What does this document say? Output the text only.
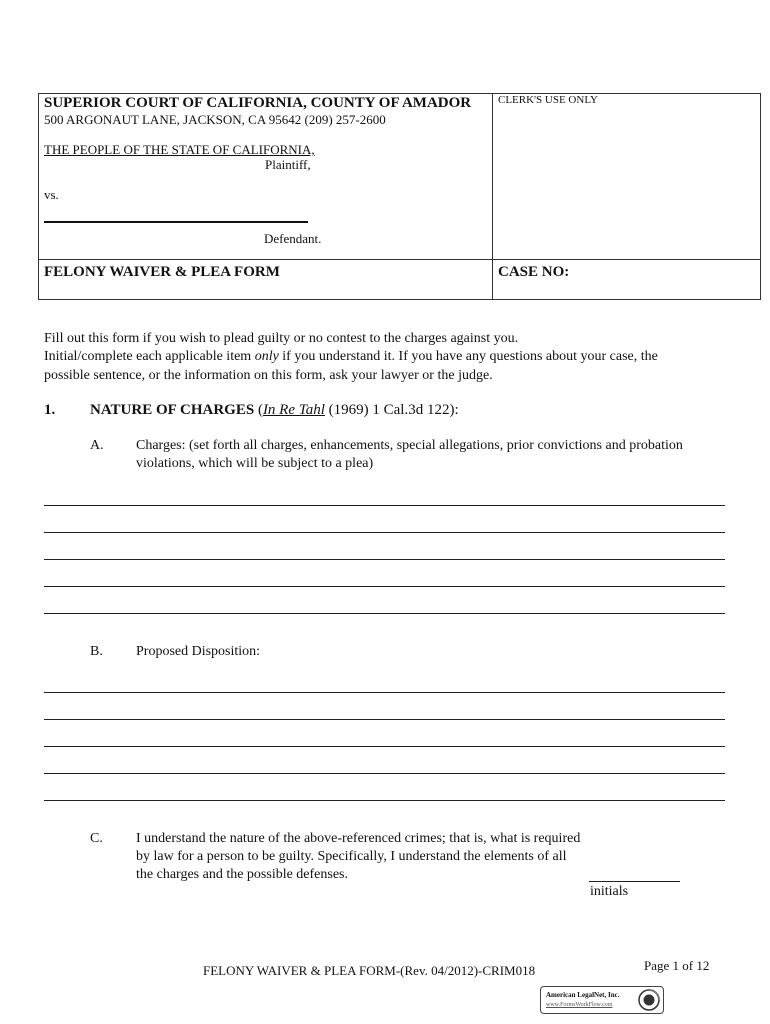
SUPERIOR COURT OF CALIFORNIA, COUNTY OF AMADOR
500 ARGONAUT LANE, JACKSON, CA 95642 (209) 257-2600
CLERK'S USE ONLY
THE PEOPLE OF THE STATE OF CALIFORNIA,
Plaintiff,
vs.
Defendant.
FELONY WAIVER & PLEA FORM	CASE NO:
Fill out this form if you wish to plead guilty or no contest to the charges against you.
Initial/complete each applicable item only if you understand it. If you have any questions about your case, the
possible sentence, or the information on this form, ask your lawyer or the judge.
1. NATURE OF CHARGES (In Re Tahl (1969) 1 Cal.3d 122):
A. Charges: (set forth all charges, enhancements, special allegations, prior convictions and probation
violations, which will be subject to a plea)
B. Proposed Disposition:
C. I understand the nature of the above-referenced crimes; that is, what is required
by law for a person to be guilty. Specifically, I understand the elements of all
the charges and the possible defenses.
initials
FELONY WAIVER & PLEA FORM-(Rev. 04/2012)-CRIM018	Page 1 of 12
American LegalNet, Inc.
www.FormsWorkFlow.com
